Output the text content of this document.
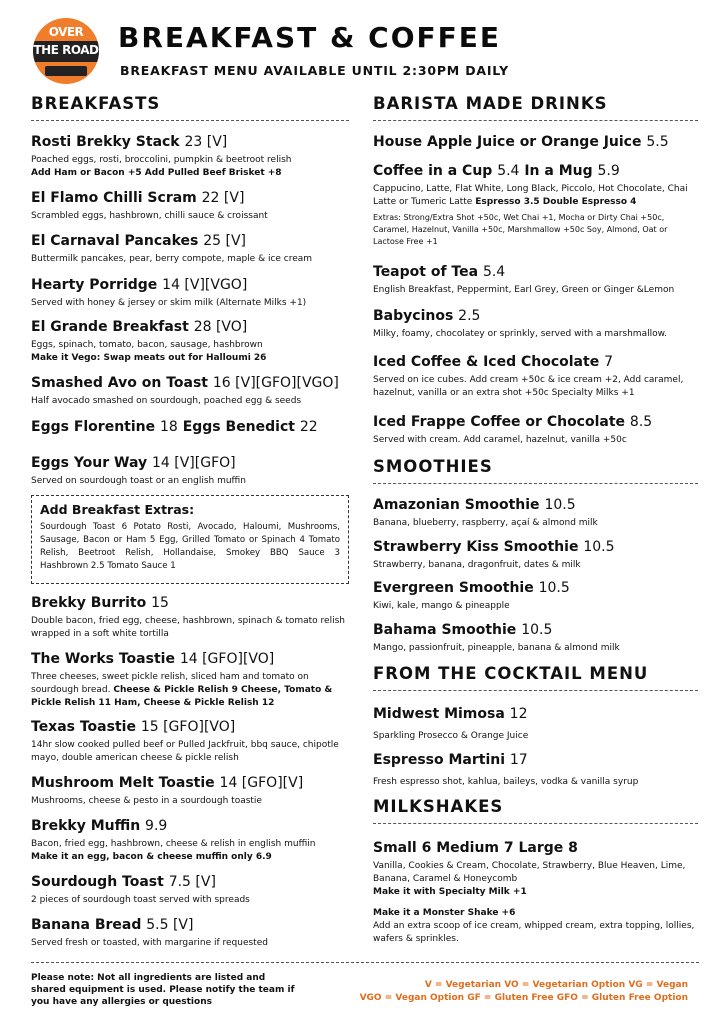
OVER
THE ROAD BREAKFAST & COFFEE
BREAKFAST MENU AVAILABLE UNTIL 2:30PM DAILY
BREAKFASTS
Rosti Brekky Stack 23 [V]
Poached eggs, rosti, broccolini, pumpkin & beetroot relish
Add Ham or Bacon +5 Add Pulled Beef Brisket +8
El Flamo Chilli Scram 22 [V]
Scrambled eggs, hashbrown, chilli sauce & croissant
El Carnaval Pancakes 25 [V]
Buttermilk pancakes, pear, berry compote, maple & ice cream
Hearty Porridge 14 [V][VGO]
Served with honey & jersey or skim milk (Alternate Milks +1)
El Grande Breakfast 28 [VO]
Eggs, spinach, tomato, bacon, sausage, hashbrown
Make it Vego: Swap meats out for Halloumi 26
Smashed Avo on Toast 16 [V][GFO][VGO]
Half avocado smashed on sourdough, poached egg & seeds
Eggs Florentine 18 Eggs Benedict 22
Eggs Your Way 14 [V][GFO]
Served on sourdough toast or an english muffin
Add Breakfast Extras:
Sourdough Toast 6 Potato Rosti, Avocado, Haloumi, Mushrooms, Sausage, Bacon or Ham 5 Egg, Grilled Tomato or Spinach 4 Tomato Relish, Beetroot Relish, Hollandaise, Smokey BBQ Sauce 3 Hashbrown 2.5 Tomato Sauce 1
Brekky Burrito 15
Double bacon, fried egg, cheese, hashbrown, spinach & tomato relish wrapped in a soft white tortilla
The Works Toastie 14 [GFO][VO]
Three cheeses, sweet pickle relish, sliced ham and tomato on sourdough bread. Cheese & Pickle Relish 9 Cheese, Tomato & Pickle Relish 11 Ham, Cheese & Pickle Relish 12
Texas Toastie 15 [GFO][VO]
14hr slow cooked pulled beef or Pulled Jackfruit, bbq sauce, chipotle mayo, double american cheese & pickle relish
Mushroom Melt Toastie 14 [GFO][V]
Mushrooms, cheese & pesto in a sourdough toastie
Brekky Muffin 9.9
Bacon, fried egg, hashbrown, cheese & relish in english muffiin
Make it an egg, bacon & cheese muffin only 6.9
Sourdough Toast 7.5 [V]
2 pieces of sourdough toast served with spreads
Banana Bread 5.5 [V]
Served fresh or toasted, with margarine if requested
BARISTA MADE DRINKS
House Apple Juice or Orange Juice 5.5
Coffee in a Cup 5.4 In a Mug 5.9
Cappucino, Latte, Flat White, Long Black, Piccolo, Hot Chocolate, Chai Latte or Tumeric Latte Espresso 3.5 Double Espresso 4
Extras: Strong/Extra Shot +50c, Wet Chai +1, Mocha or Dirty Chai +50c, Caramel, Hazelnut, Vanilla +50c, Marshmallow +50c Soy, Almond, Oat or Lactose Free +1
Teapot of Tea 5.4
English Breakfast, Peppermint, Earl Grey, Green or Ginger &Lemon
Babycinos 2.5
Milky, foamy, chocolatey or sprinkly, served with a marshmallow.
Iced Coffee & Iced Chocolate 7
Served on ice cubes. Add cream +50c & ice cream +2, Add caramel, hazelnut, vanilla or an extra shot +50c Specialty Milks +1
Iced Frappe Coffee or Chocolate 8.5
Served with cream. Add caramel, hazelnut, vanilla +50c
SMOOTHIES
Amazonian Smoothie 10.5
Banana, blueberry, raspberry, açaí & almond milk
Strawberry Kiss Smoothie 10.5
Strawberry, banana, dragonfruit, dates & milk
Evergreen Smoothie 10.5
Kiwi, kale, mango & pineapple
Bahama Smoothie 10.5
Mango, passionfruit, pineapple, banana & almond milk
FROM THE COCKTAIL MENU
Midwest Mimosa 12
Sparkling Prosecco & Orange Juice
Espresso Martini 17
Fresh espresso shot, kahlua, baileys, vodka & vanilla syrup
MILKSHAKES
Small 6 Medium 7 Large 8
Vanilla, Cookies & Cream, Chocolate, Strawberry, Blue Heaven, Lime, Banana, Caramel & Honeycomb
Make it with Specialty Milk +1
Make it a Monster Shake +6
Add an extra scoop of ice cream, whipped cream, extra topping, lollies, wafers & sprinkles.
Please note: Not all ingredients are listed and shared equipment is used. Please notify the team if you have any allergies or questions
V = Vegetarian VO = Vegetarian Option VG = Vegan
VGO = Vegan Option GF = Gluten Free GFO = Gluten Free Option
